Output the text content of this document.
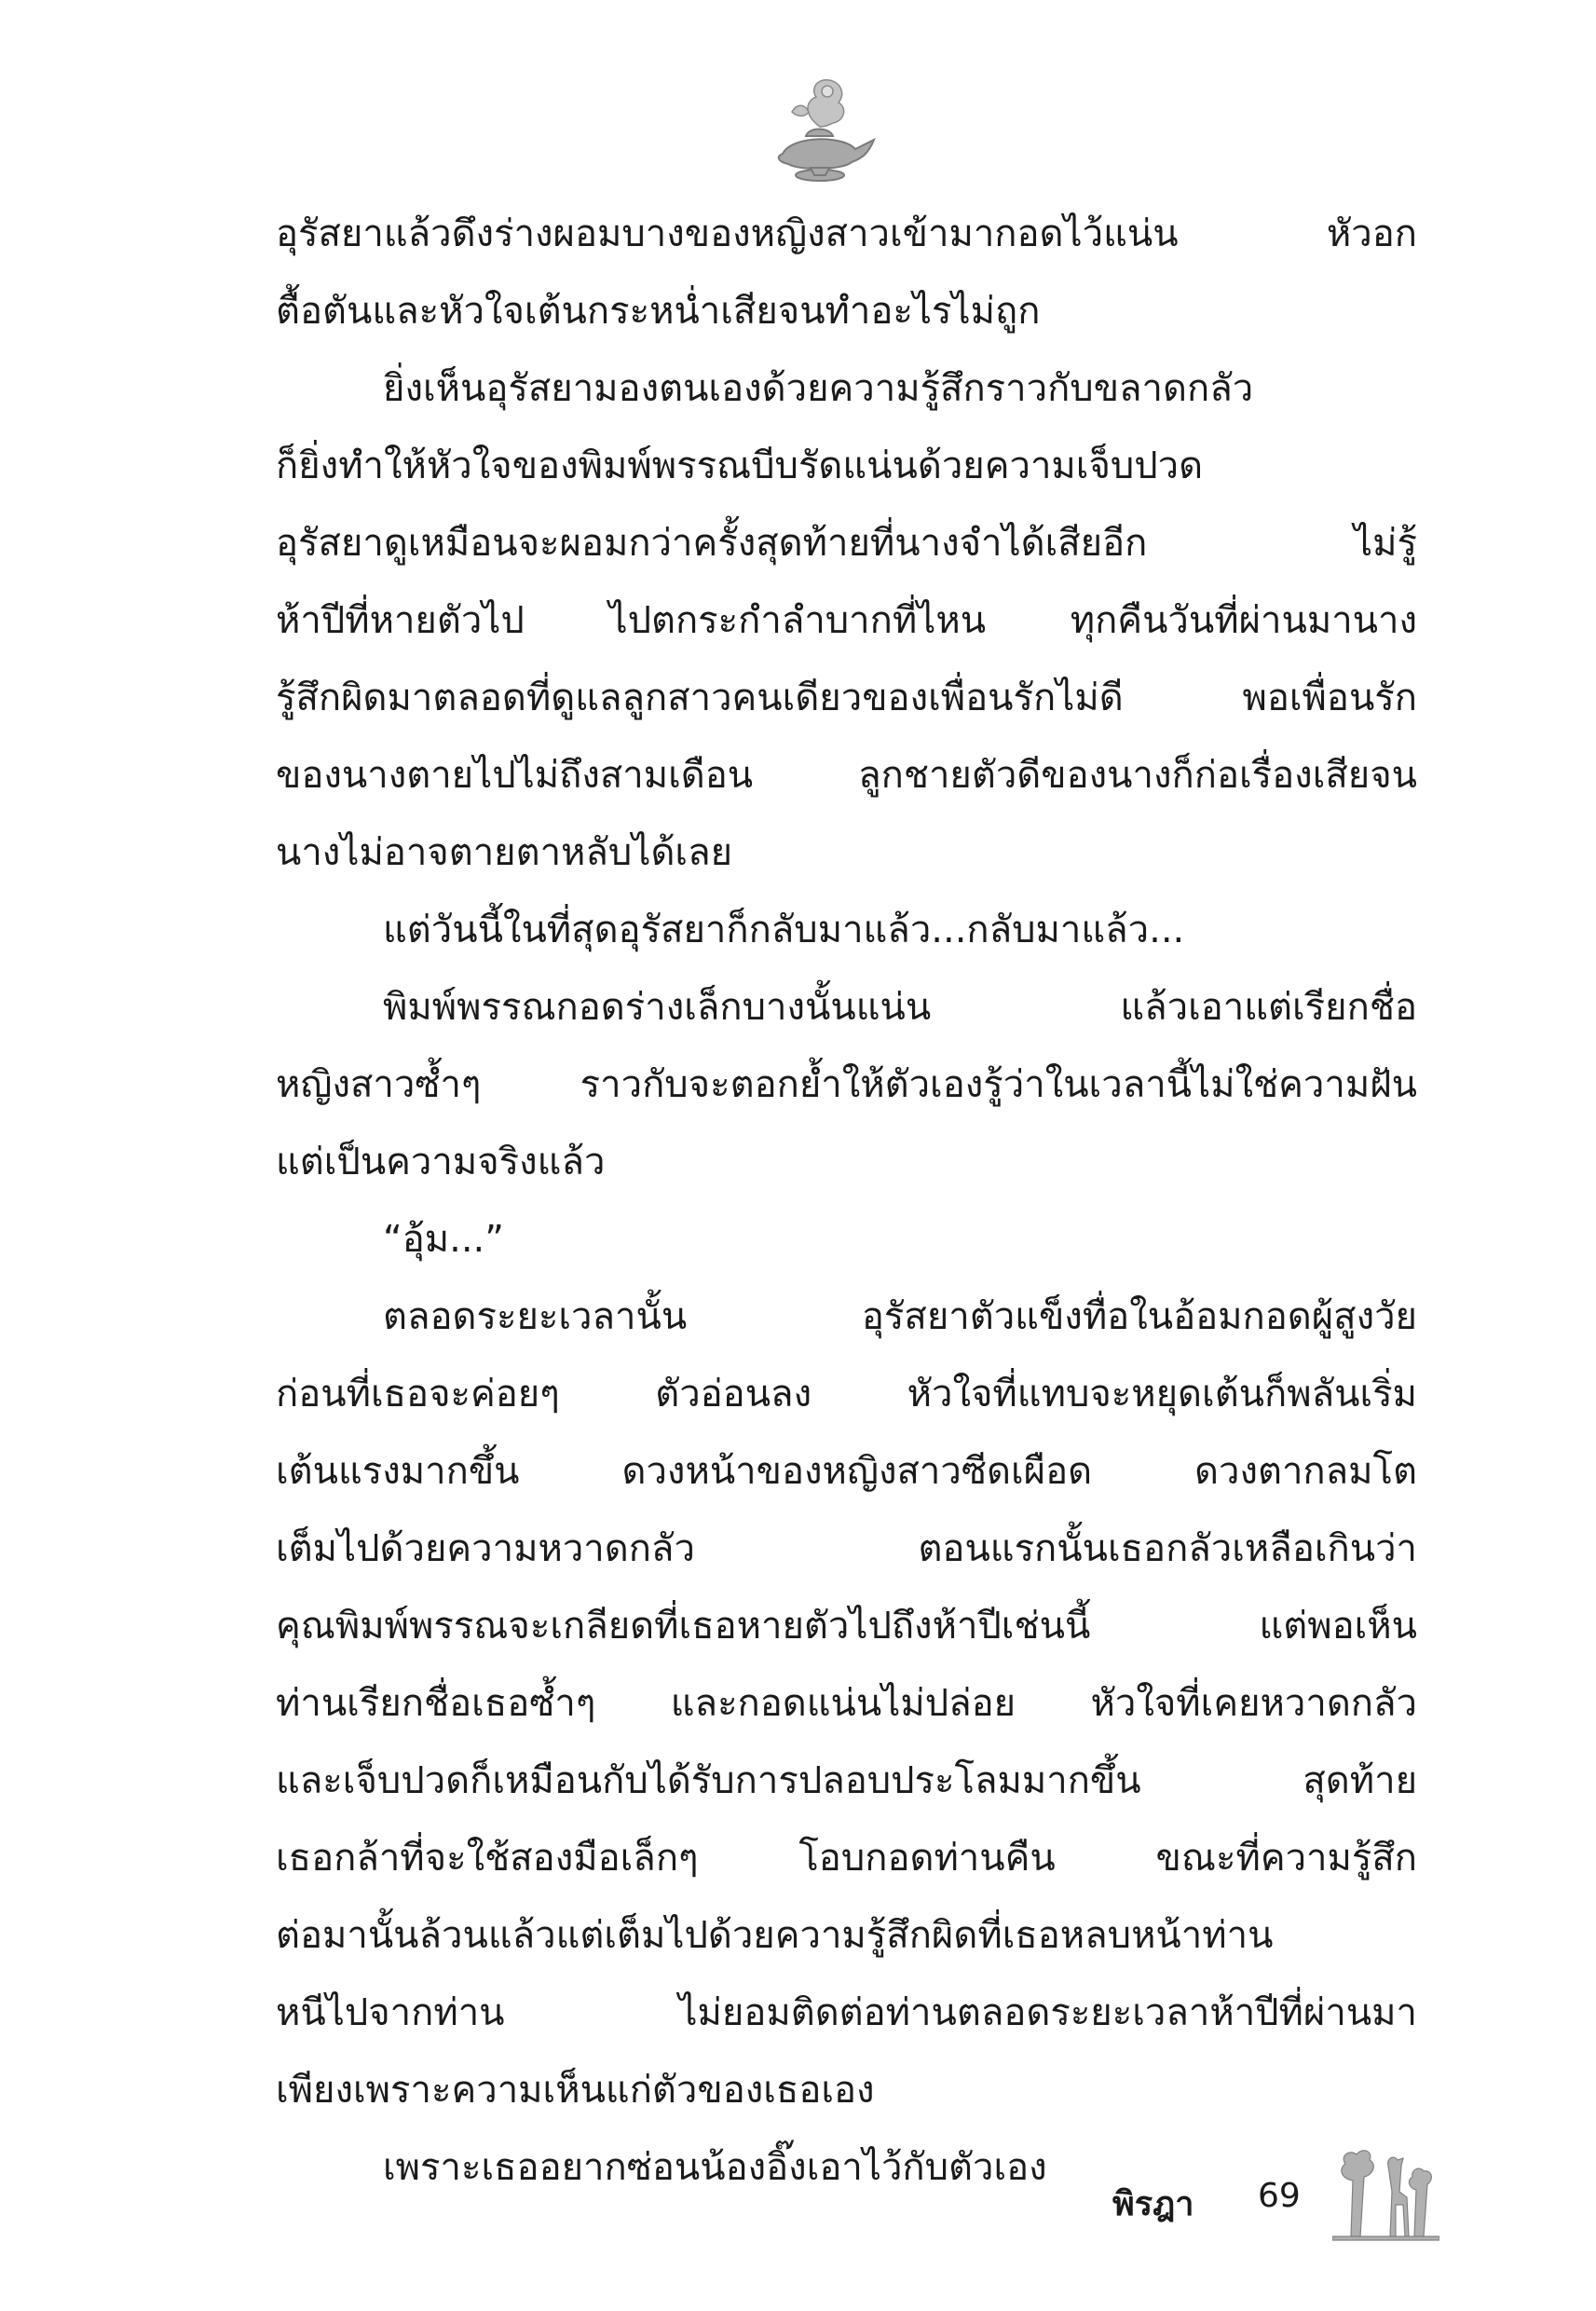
อุรัสยาแล้วดึงร่างผอมบางของหญิงสาวเข้ามากอดไว้แน่น หัวอก
ตื้อตันและหัวใจเต้นกระหน่ำเสียจนทำอะไรไม่ถูก
ยิ่งเห็นอุรัสยามองตนเองด้วยความรู้สึกราวกับขลาดกลัว
ก็ยิ่งทำให้หัวใจของพิมพ์พรรณบีบรัดแน่นด้วยความเจ็บปวด
อุรัสยาดูเหมือนจะผอมกว่าครั้งสุดท้ายที่นางจำได้เสียอีก ไม่รู้
ห้าปีที่หายตัวไป ไปตกระกำลำบากที่ไหน ทุกคืนวันที่ผ่านมานาง
รู้สึกผิดมาตลอดที่ดูแลลูกสาวคนเดียวของเพื่อนรักไม่ดี พอเพื่อนรัก
ของนางตายไปไม่ถึงสามเดือน ลูกชายตัวดีของนางก็ก่อเรื่องเสียจน
นางไม่อาจตายตาหลับได้เลย
แต่วันนี้ในที่สุดอุรัสยาก็กลับมาแล้ว...กลับมาแล้ว...
พิมพ์พรรณกอดร่างเล็กบางนั้นแน่น แล้วเอาแต่เรียกชื่อ
หญิงสาวซ้ำๆ ราวกับจะตอกย้ำให้ตัวเองรู้ว่าในเวลานี้ไม่ใช่ความฝัน
แต่เป็นความจริงแล้ว
“อุ้ม...”
ตลอดระยะเวลานั้น อุรัสยาตัวแข็งทื่อในอ้อมกอดผู้สูงวัย
ก่อนที่เธอจะค่อยๆ ตัวอ่อนลง หัวใจที่แทบจะหยุดเต้นก็พลันเริ่ม
เต้นแรงมากขึ้น ดวงหน้าของหญิงสาวซีดเผือด ดวงตากลมโต
เต็มไปด้วยความหวาดกลัว ตอนแรกนั้นเธอกลัวเหลือเกินว่า
คุณพิมพ์พรรณจะเกลียดที่เธอหายตัวไปถึงห้าปีเช่นนี้ แต่พอเห็น
ท่านเรียกชื่อเธอซ้ำๆ และกอดแน่นไม่ปล่อย หัวใจที่เคยหวาดกลัว
และเจ็บปวดก็เหมือนกับได้รับการปลอบประโลมมากขึ้น สุดท้าย
เธอกล้าที่จะใช้สองมือเล็กๆ โอบกอดท่านคืน ขณะที่ความรู้สึก
ต่อมานั้นล้วนแล้วแต่เต็มไปด้วยความรู้สึกผิดที่เธอหลบหน้าท่าน
หนีไปจากท่าน ไม่ยอมติดต่อท่านตลอดระยะเวลาห้าปีที่ผ่านมา
เพียงเพราะความเห็นแก่ตัวของเธอเอง
เพราะเธออยากซ่อนน้องอิ๊งเอาไว้กับตัวเอง
พิรฎา 69
